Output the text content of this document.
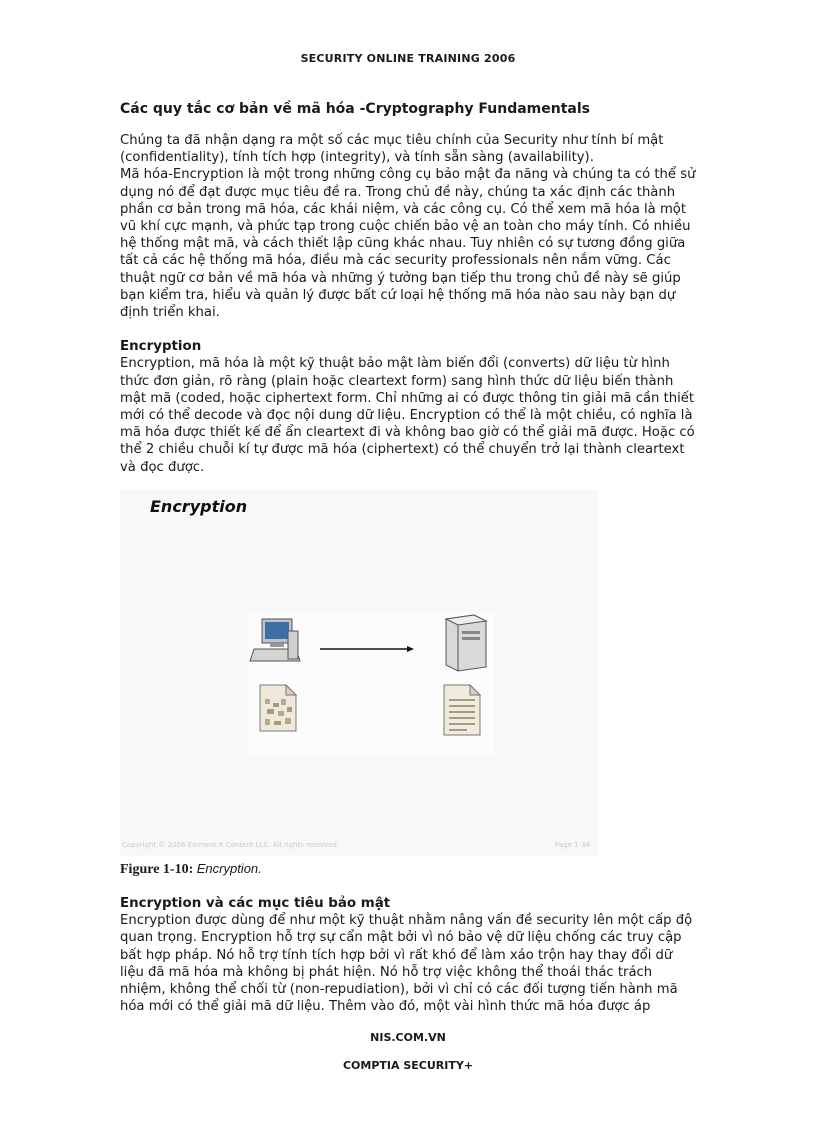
SECURITY ONLINE TRAINING 2006

Các quy tắc cơ bản về mã hóa -Cryptography Fundamentals

Chúng ta đã nhận dạng ra một số các mục tiêu chính của Security như tính bí mật (confidentiality), tính tích hợp (integrity), và tính sẵn sàng (availability).

Mã hóa-Encryption là một trong những công cụ bảo mật đa năng và chúng ta có thể sử dụng nó để đạt được mục tiêu đề ra. Trong chủ đề này, chúng ta xác định các thành phần cơ bản trong mã hóa, các khái niệm, và các công cụ. Có thể xem mã hóa là một vũ khí cực mạnh, và phức tạp trong cuộc chiến bảo vệ an toàn cho máy tính. Có nhiều hệ thống mật mã, và cách thiết lập cũng khác nhau. Tuy nhiên có sự tương đồng giữa tất cả các hệ thống mã hóa, điều mà các security professionals nên nắm vững. Các thuật ngữ cơ bản về mã hóa và những ý tưởng bạn tiếp thu trong chủ đề này sẽ giúp bạn kiểm tra, hiểu và quản lý được bất cứ loại hệ thống mã hóa nào sau này bạn dự định triển khai.

Encryption

Encryption, mã hóa là một kỹ thuật bảo mật làm biến đổi (converts) dữ liệu từ hình thức đơn giản, rõ ràng (plain hoặc cleartext form) sang hình thức dữ liệu biến thành mật mã (coded, hoặc ciphertext form. Chỉ những ai có được thông tin giải mã cần thiết mới có thể decode và đọc nội dung dữ liệu. Encryption có thể là một chiều, có nghĩa là mã hóa được thiết kế để ẩn cleartext đi và không bao giờ có thể giải mã được. Hoặc có thể 2 chiều chuỗi kí tự được mã hóa (ciphertext) có thể chuyển trở lại thành cleartext và đọc được.

Encryption
Copyright © 2006 Element K Content LLC. All rights reserved.	Page 1-34

Figure 1-10: Encryption.

Encryption và các mục tiêu bảo mật

Encryption được dùng để như một kỹ thuật nhằm nâng vấn đề security lên một cấp độ quan trọng. Encryption hỗ trợ sự cẩn mật bởi vì nó bảo vệ dữ liệu chống các truy cập bất hợp pháp. Nó hỗ trợ tính tích hợp bởi vì rất khó để làm xáo trộn hay thay đổi dữ liệu đã mã hóa mà không bị phát hiện. Nó hỗ trợ việc không thể thoái thác trách nhiệm, không thể chối từ (non-repudiation), bởi vì chỉ có các đối tượng tiến hành mã hóa mới có thể giải mã dữ liệu. Thêm vào đó, một vài hình thức mã hóa được áp

NIS.COM.VN
COMPTIA SECURITY+
